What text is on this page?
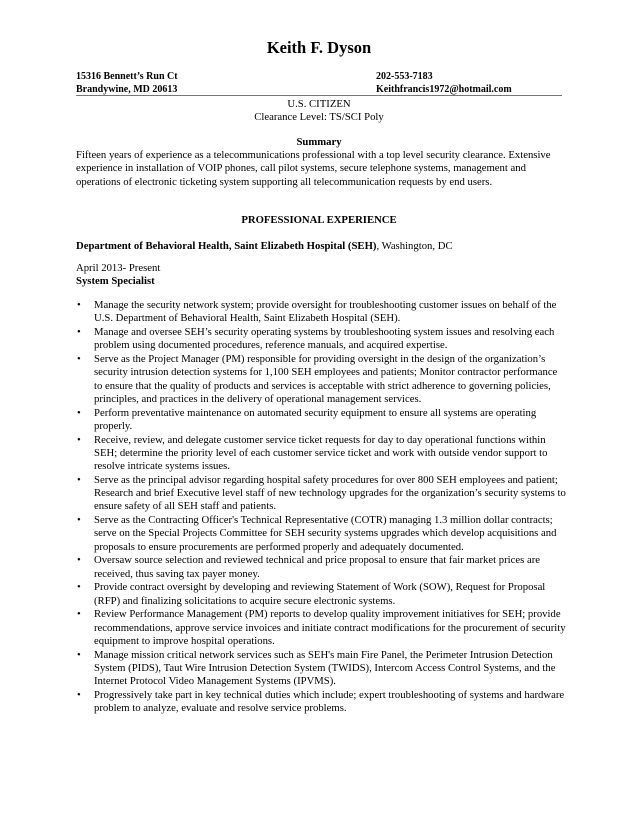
Keith F. Dyson
15316 Bennett’s Run Ct	202-553-7183
Brandywine, MD 20613	Keithfrancis1972@hotmail.com
U.S. CITIZEN
Clearance Level: TS/SCI Poly
Summary
Fifteen years of experience as a telecommunications professional with a top level security clearance. Extensive experience in installation of VOIP phones, call pilot systems, secure telephone systems, management and operations of electronic ticketing system supporting all telecommunication requests by end users.
PROFESSIONAL EXPERIENCE
Department of Behavioral Health, Saint Elizabeth Hospital (SEH), Washington, DC
April 2013- Present
System Specialist
• Manage the security network system; provide oversight for troubleshooting customer issues on behalf of the U.S. Department of Behavioral Health, Saint Elizabeth Hospital (SEH).
• Manage and oversee SEH’s security operating systems by troubleshooting system issues and resolving each problem using documented procedures, reference manuals, and acquired expertise.
• Serve as the Project Manager (PM) responsible for providing oversight in the design of the organization’s security intrusion detection systems for 1,100 SEH employees and patients; Monitor contractor performance to ensure that the quality of products and services is acceptable with strict adherence to governing policies, principles, and practices in the delivery of operational management services.
• Perform preventative maintenance on automated security equipment to ensure all systems are operating properly.
• Receive, review, and delegate customer service ticket requests for day to day operational functions within SEH; determine the priority level of each customer service ticket and work with outside vendor support to resolve intricate systems issues.
• Serve as the principal advisor regarding hospital safety procedures for over 800 SEH employees and patient; Research and brief Executive level staff of new technology upgrades for the organization’s security systems to ensure safety of all SEH staff and patients.
• Serve as the Contracting Officer's Technical Representative (COTR) managing 1.3 million dollar contracts; serve on the Special Projects Committee for SEH security systems upgrades which develop acquisitions and proposals to ensure procurements are performed properly and adequately documented.
• Oversaw source selection and reviewed technical and price proposal to ensure that fair market prices are received, thus saving tax payer money.
• Provide contract oversight by developing and reviewing Statement of Work (SOW), Request for Proposal (RFP) and finalizing solicitations to acquire secure electronic systems.
• Review Performance Management (PM) reports to develop quality improvement initiatives for SEH; provide recommendations, approve service invoices and initiate contract modifications for the procurement of security equipment to improve hospital operations.
• Manage mission critical network services such as SEH's main Fire Panel, the Perimeter Intrusion Detection System (PIDS), Taut Wire Intrusion Detection System (TWIDS), Intercom Access Control Systems, and the Internet Protocol Video Management Systems (IPVMS).
• Progressively take part in key technical duties which include; expert troubleshooting of systems and hardware problem to analyze, evaluate and resolve service problems.
